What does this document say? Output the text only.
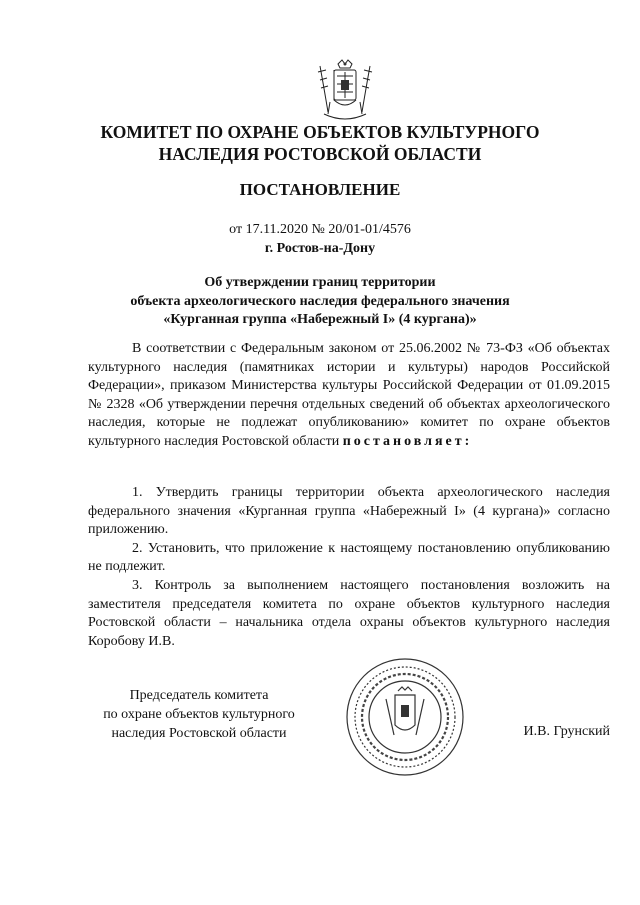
КОМИТЕТ ПО ОХРАНЕ ОБЪЕКТОВ КУЛЬТУРНОГО
НАСЛЕДИЯ РОСТОВСКОЙ ОБЛАСТИ
ПОСТАНОВЛЕНИЕ
от 17.11.2020 № 20/01-01/4576
г. Ростов-на-Дону
Об утверждении границ территории
объекта археологического наследия федерального значения
«Курганная группа «Набережный I» (4 кургана)»

В соответствии с Федеральным законом от 25.06.2002 № 73-ФЗ «Об объектах культурного наследия (памятниках истории и культуры) народов Российской Федерации», приказом Министерства культуры Российской Федерации от 01.09.2015 № 2328 «Об утверждении перечня отдельных сведений об объектах археологического наследия, которые не подлежат опубликованию» комитет по охране объектов культурного наследия Ростовской области постановляет:

1. Утвердить границы территории объекта археологического наследия федерального значения «Курганная группа «Набережный I» (4 кургана)» согласно приложению.

2. Установить, что приложение к настоящему постановлению опубликованию не подлежит.

3. Контроль за выполнением настоящего постановления возложить на заместителя председателя комитета по охране объектов культурного наследия Ростовской области – начальника отдела охраны объектов культурного наследия Коробову И.В.

Председатель комитета
по охране объектов культурного
наследия Ростовской области	И.В. Грунский
